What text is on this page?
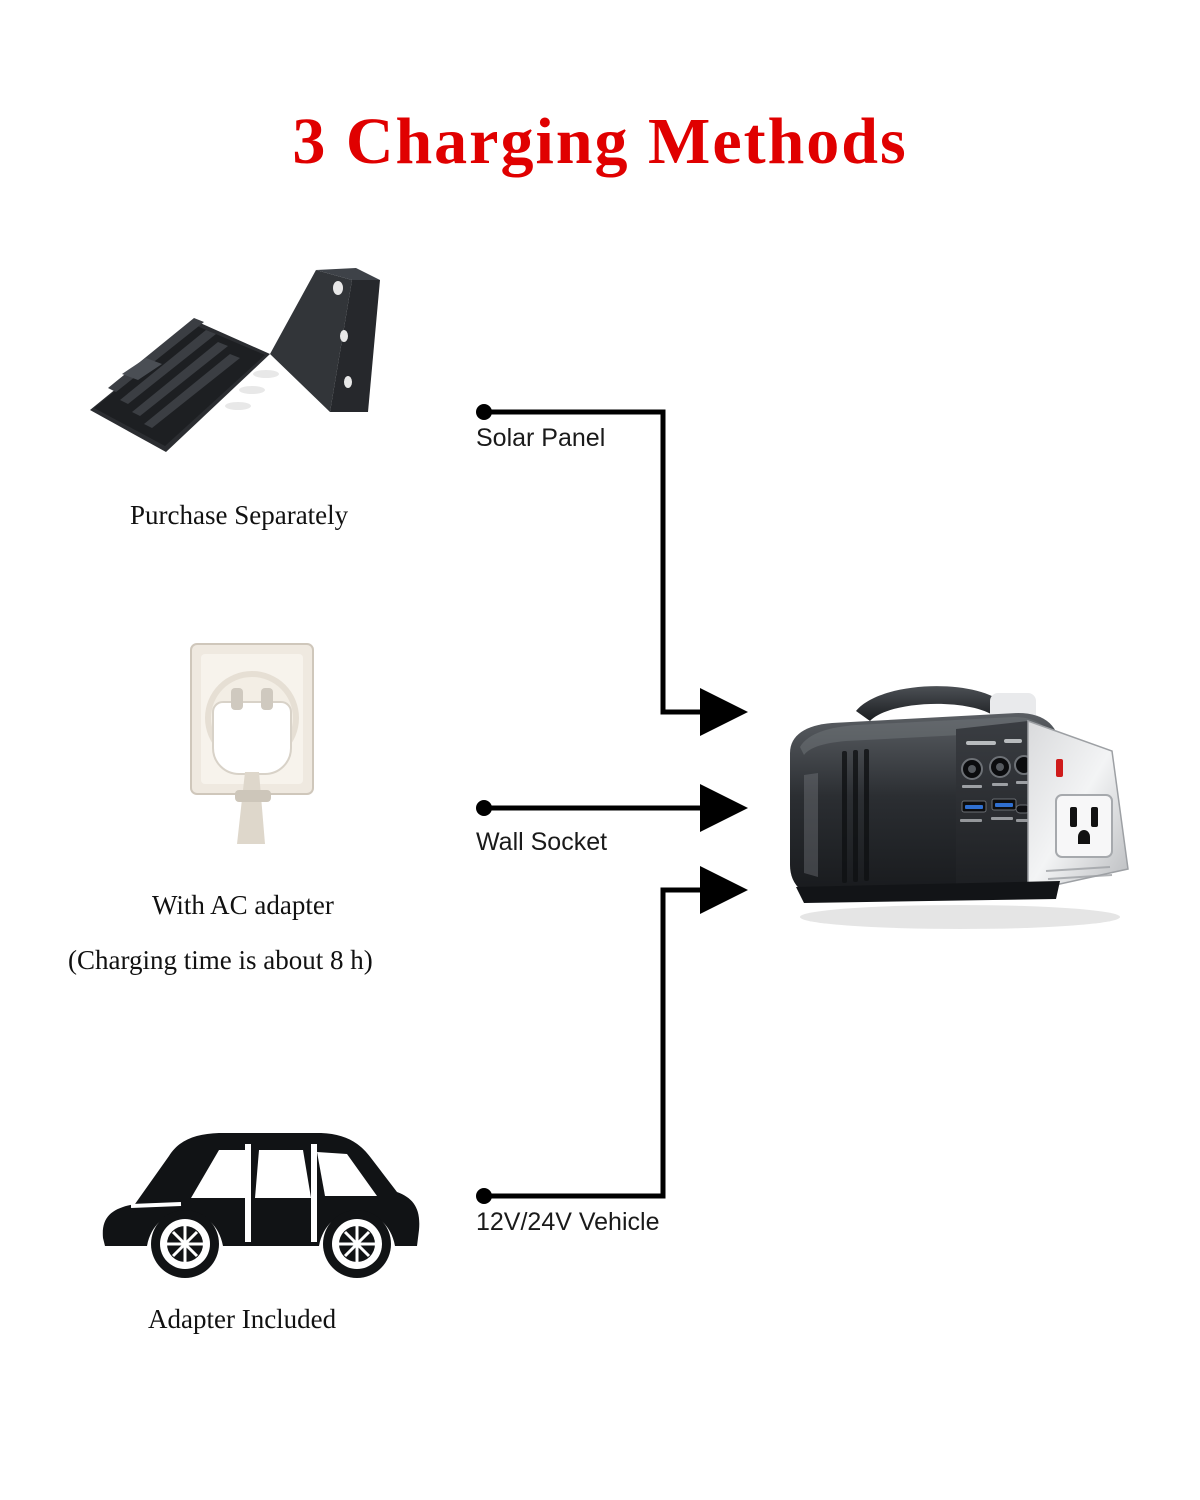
3 Charging Methods
Solar Panel
Wall Socket
12V/24V Vehicle
Purchase Separately
With AC adapter
(Charging time is about 8 h)
Adapter Included
